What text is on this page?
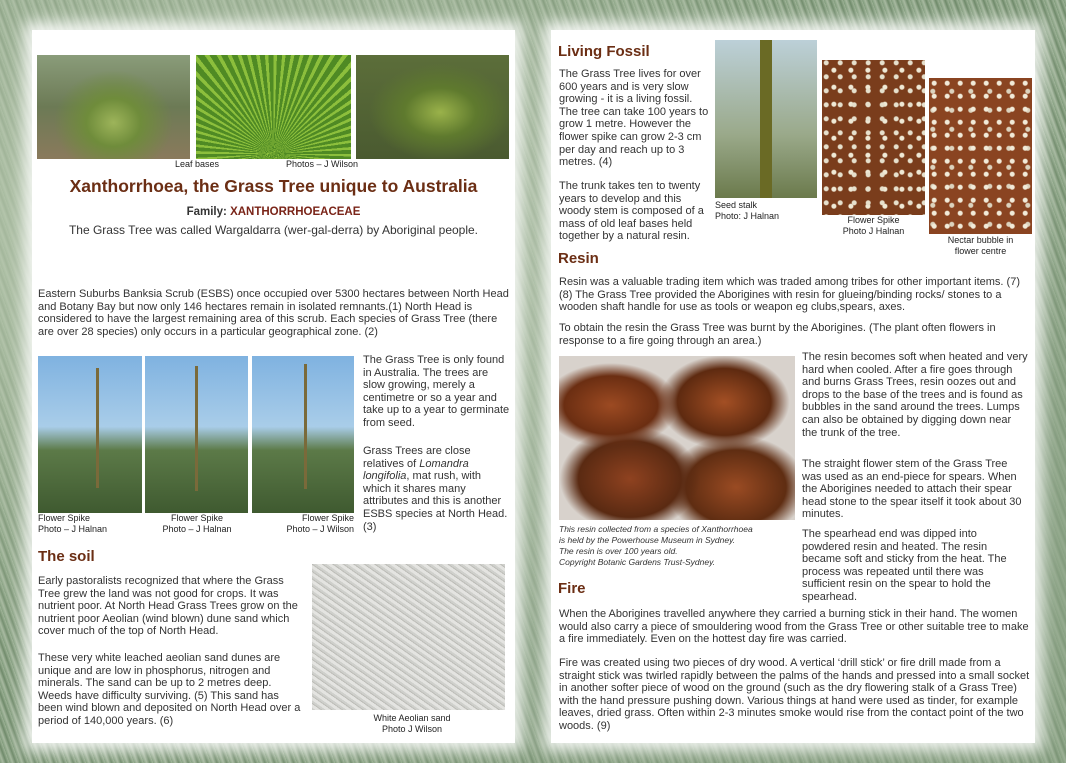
Leaf bases	Photos – J Wilson
Xanthorrhoea, the Grass Tree unique to Australia
Family: XANTHORRHOEACEAE
The Grass Tree was called Wargaldarra (wer-gal-derra) by Aboriginal people.

Eastern Suburbs Banksia Scrub (ESBS) once occupied over 5300 hectares between North Head and Botany Bay but now only 146 hectares remain in isolated remnants.(1) North Head is considered to have the largest remaining area of this scrub. Each species of Grass Tree (there are over 28 species) only occurs in a particular geographical zone. (2)

Flower Spike
Photo – J Halnan
Flower Spike
Photo – J Halnan
Flower Spike
Photo – J Wilson

The Grass Tree is only found in Australia. The trees are slow growing, merely a centimetre or so a year and take up to a year to germinate from seed.

Grass Trees are close relatives of Lomandra longifolia, mat rush, with which it shares many attributes and this is another ESBS species at North Head.(3)

The soil

Early pastoralists recognized that where the Grass Tree grew the land was not good for crops. It was nutrient poor. At North Head Grass Trees grow on the nutrient poor Aeolian (wind blown) dune sand which cover much of the top of North Head.

These very white leached aeolian sand dunes are unique and are low in phosphorus, nitrogen and minerals. The sand can be up to 2 metres deep. Weeds have difficulty surviving. (5) This sand has been wind blown and deposited on North Head over a period of 140,000 years. (6)	White Aeolian sand
Photo J Wilson
Living Fossil

The Grass Tree lives for over 600 years and is very slow growing - it is a living fossil. The tree can take 100 years to grow 1 metre. However the flower spike can grow 2-3 cm per day and reach up to 3 metres. (4)

The trunk takes ten to twenty years to develop and this woody stem is composed of a mass of old leaf bases held together by a natural resin.

Seed stalk
Photo: J Halnan	Flower Spike
Photo J Halnan
Nectar bubble in
flower centre
Resin

Resin was a valuable trading item which was traded among tribes for other important items. (7)(8) The Grass Tree provided the Aborigines with resin for glueing/binding rocks/ stones to a wooden shaft handle for use as tools or weapon eg clubs,spears, axes.

To obtain the resin the Grass Tree was burnt by the Aborigines. (The plant often flowers in response to a fire going through an area.)

This resin collected from a species of Xanthorrhoea
is held by the Powerhouse Museum in Sydney.
The resin is over 100 years old.
Copyright Botanic Gardens Trust-Sydney.

The resin becomes soft when heated and very hard when cooled. After a fire goes through and burns Grass Trees, resin oozes out and drops to the base of the trees and is found as bubbles in the sand around the trees. Lumps can also be obtained by digging down near the trunk of the tree.

The straight flower stem of the Grass Tree was used as an end-piece for spears. When the Aborigines needed to attach their spear head stone to the spear itself it took about 30 minutes.

The spearhead end was dipped into powdered resin and heated. The resin became soft and sticky from the heat. The process was repeated until there was sufficient resin on the spear to hold the spearhead.

Fire

When the Aborigines travelled anywhere they carried a burning stick in their hand. The women would also carry a piece of smouldering wood from the Grass Tree or other suitable tree to make a fire immediately. Even on the hottest day fire was carried.

Fire was created using two pieces of dry wood. A vertical ‘drill stick’ or fire drill made from a straight stick was twirled rapidly between the palms of the hands and pressed into a small socket in another softer piece of wood on the ground (such as the dry flowering stalk of a Grass Tree) with the hand pressure pushing down. Various things at hand were used as tinder, for example leaves, dried grass. Often within 2-3 minutes smoke would rise from the contact point of the two woods. (9)
